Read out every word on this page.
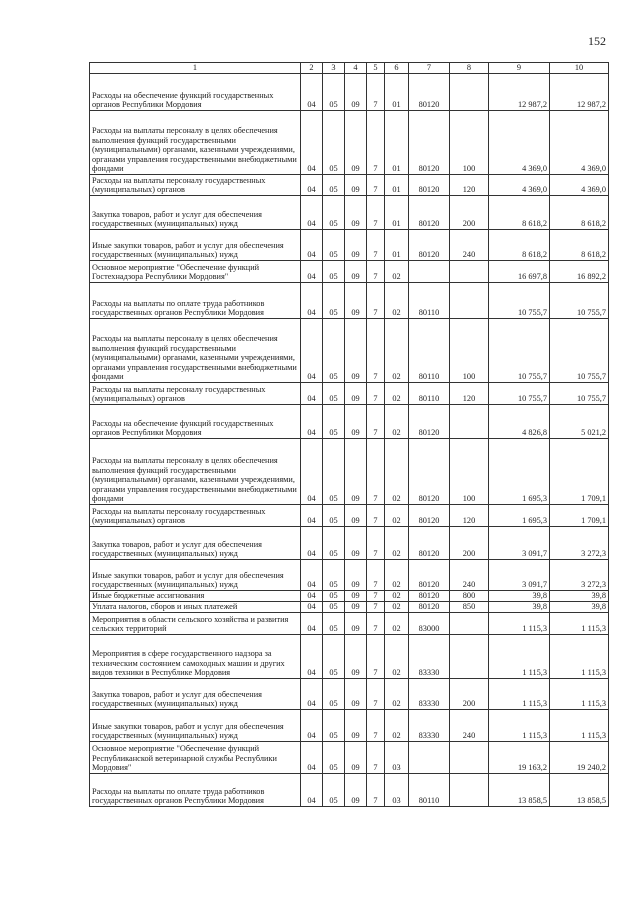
152
1	2	3	4	5	6	7	8	9	10
Расходы на обеспечение функций государственных органов Республики Мордовия	04	05	09	7	01	80120		12 987,2	12 987,2
Расходы на выплаты персоналу в целях обеспечения выполнения функций государственными (муниципальными) органами, казенными учреждениями, органами управления государственными внебюджетными фондами	04	05	09	7	01	80120	100	4 369,0	4 369,0
Расходы на выплаты персоналу государственных (муниципальных) органов	04	05	09	7	01	80120	120	4 369,0	4 369,0
Закупка товаров, работ и услуг для обеспечения государственных (муниципальных) нужд	04	05	09	7	01	80120	200	8 618,2	8 618,2
Иные закупки товаров, работ и услуг для обеспечения государственных (муниципальных) нужд	04	05	09	7	01	80120	240	8 618,2	8 618,2
Основное мероприятие "Обеспечение функций Гостехнадзора Республики Мордовия"	04	05	09	7	02			16 697,8	16 892,2
Расходы на выплаты по оплате труда работников государственных органов Республики Мордовия	04	05	09	7	02	80110		10 755,7	10 755,7
Расходы на выплаты персоналу в целях обеспечения выполнения функций государственными (муниципальными) органами, казенными учреждениями, органами управления государственными внебюджетными фондами	04	05	09	7	02	80110	100	10 755,7	10 755,7
Расходы на выплаты персоналу государственных (муниципальных) органов	04	05	09	7	02	80110	120	10 755,7	10 755,7
Расходы на обеспечение функций государственных органов Республики Мордовия	04	05	09	7	02	80120		4 826,8	5 021,2
Расходы на выплаты персоналу в целях обеспечения выполнения функций государственными (муниципальными) органами, казенными учреждениями, органами управления государственными внебюджетными фондами	04	05	09	7	02	80120	100	1 695,3	1 709,1
Расходы на выплаты персоналу государственных (муниципальных) органов	04	05	09	7	02	80120	120	1 695,3	1 709,1
Закупка товаров, работ и услуг для обеспечения государственных (муниципальных) нужд	04	05	09	7	02	80120	200	3 091,7	3 272,3
Иные закупки товаров, работ и услуг для обеспечения государственных (муниципальных) нужд	04	05	09	7	02	80120	240	3 091,7	3 272,3
Иные бюджетные ассигнования	04	05	09	7	02	80120	800	39,8	39,8
Уплата налогов, сборов и иных платежей	04	05	09	7	02	80120	850	39,8	39,8
Мероприятия в области сельского хозяйства и развития сельских территорий	04	05	09	7	02	83000		1 115,3	1 115,3
Мероприятия в сфере государственного надзора за техническим состоянием самоходных машин и других видов техники в Республике Мордовия	04	05	09	7	02	83330		1 115,3	1 115,3
Закупка товаров, работ и услуг для обеспечения государственных (муниципальных) нужд	04	05	09	7	02	83330	200	1 115,3	1 115,3
Иные закупки товаров, работ и услуг для обеспечения государственных (муниципальных) нужд	04	05	09	7	02	83330	240	1 115,3	1 115,3
Основное мероприятие "Обеспечение функций Республиканской ветеринарной службы Республики Мордовия"	04	05	09	7	03			19 163,2	19 240,2
Расходы на выплаты по оплате труда работников государственных органов Республики Мордовия	04	05	09	7	03	80110		13 858,5	13 858,5
